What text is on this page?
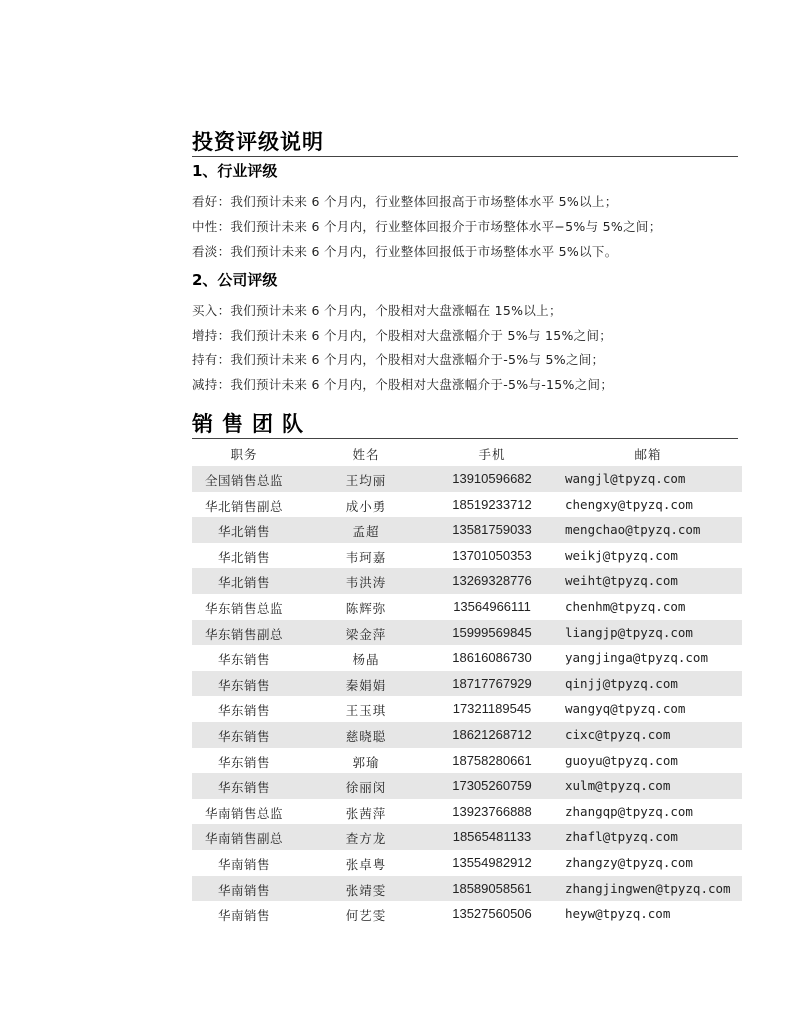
投资评级说明
1、行业评级
看好：我们预计未来 6 个月内，行业整体回报高于市场整体水平 5%以上；
中性：我们预计未来 6 个月内，行业整体回报介于市场整体水平−5%与 5%之间；
看淡：我们预计未来 6 个月内，行业整体回报低于市场整体水平 5%以下。
2、公司评级
买入：我们预计未来 6 个月内，个股相对大盘涨幅在 15%以上；
增持：我们预计未来 6 个月内，个股相对大盘涨幅介于 5%与 15%之间；
持有：我们预计未来 6 个月内，个股相对大盘涨幅介于-5%与 5%之间；
减持：我们预计未来 6 个月内，个股相对大盘涨幅介于-5%与-15%之间；
销售团队
职务	姓名	手机	邮箱
全国销售总监	王均丽	13910596682	wangjl@tpyzq.com
华北销售副总	成小勇	18519233712	chengxy@tpyzq.com
华北销售	孟超	13581759033	mengchao@tpyzq.com
华北销售	韦珂嘉	13701050353	weikj@tpyzq.com
华北销售	韦洪涛	13269328776	weiht@tpyzq.com
华东销售总监	陈辉弥	13564966111	chenhm@tpyzq.com
华东销售副总	梁金萍	15999569845	liangjp@tpyzq.com
华东销售	杨晶	18616086730	yangjinga@tpyzq.com
华东销售	秦娟娟	18717767929	qinjj@tpyzq.com
华东销售	王玉琪	17321189545	wangyq@tpyzq.com
华东销售	慈晓聪	18621268712	cixc@tpyzq.com
华东销售	郭瑜	18758280661	guoyu@tpyzq.com
华东销售	徐丽闵	17305260759	xulm@tpyzq.com
华南销售总监	张茜萍	13923766888	zhangqp@tpyzq.com
华南销售副总	查方龙	18565481133	zhafl@tpyzq.com
华南销售	张卓粤	13554982912	zhangzy@tpyzq.com
华南销售	张靖雯	18589058561	zhangjingwen@tpyzq.com
华南销售	何艺雯	13527560506	heyw@tpyzq.com
